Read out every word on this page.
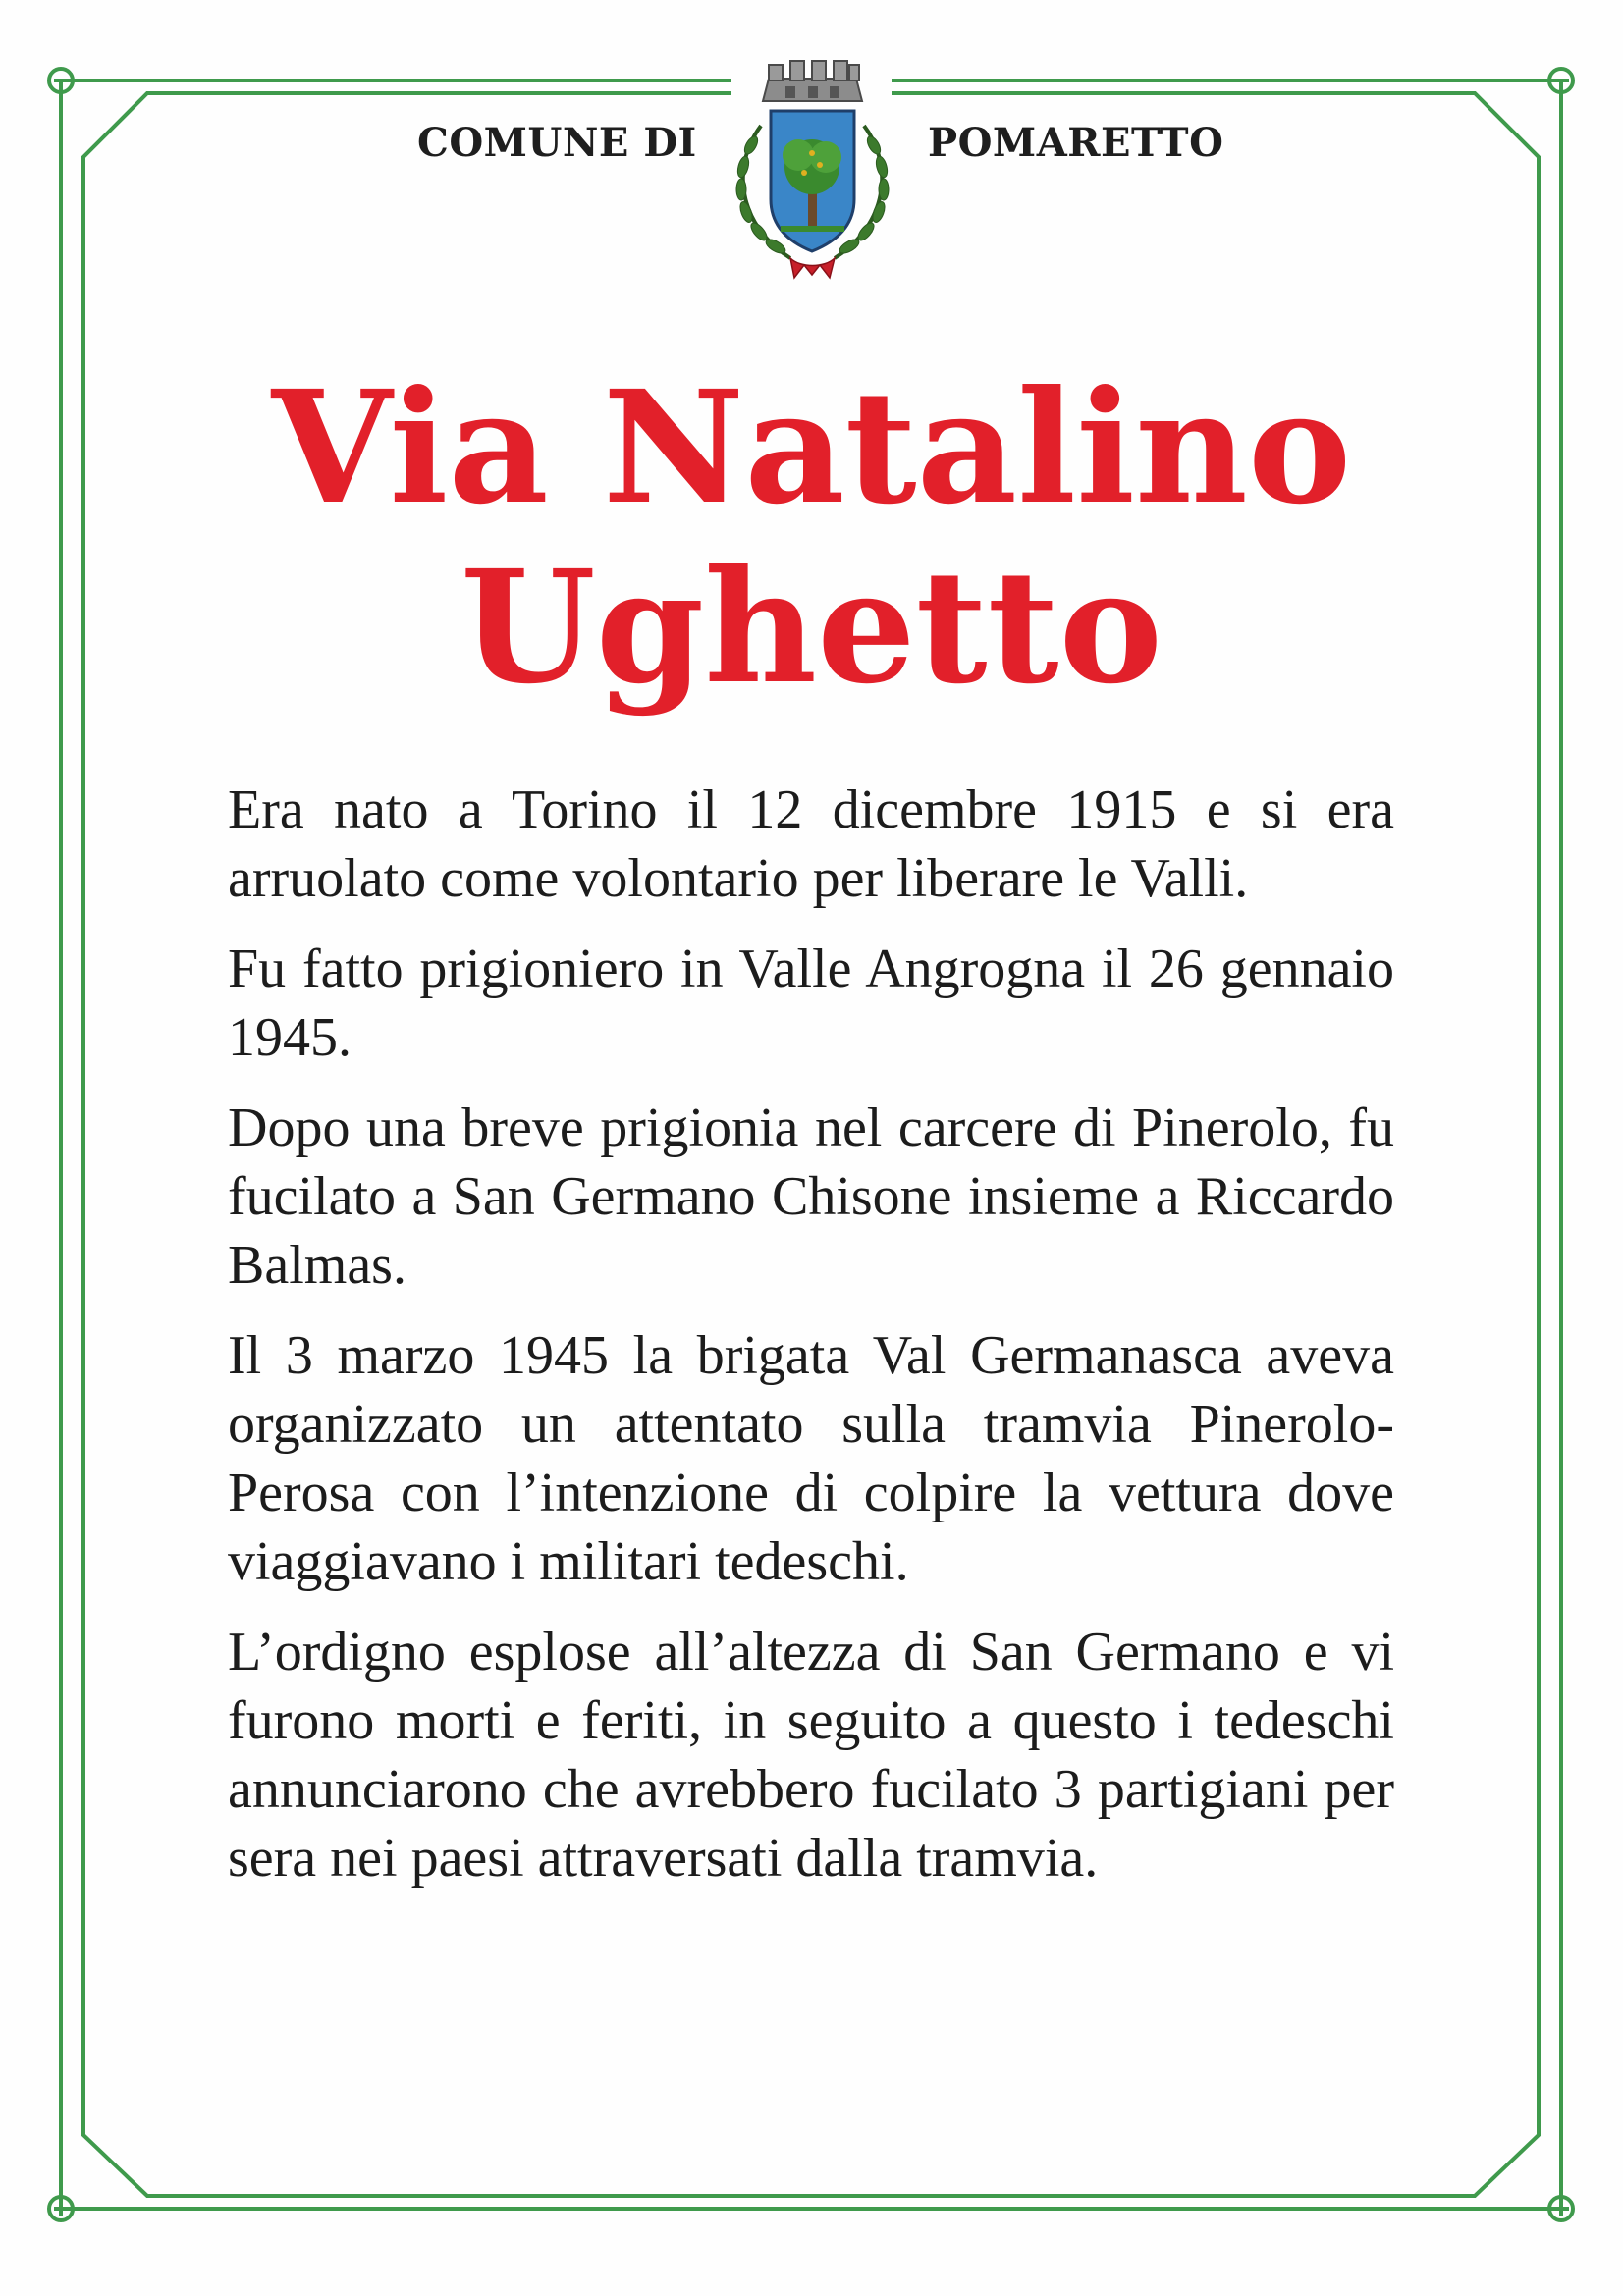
COMUNE DI	POMARETTO
Via Natalino
Ughetto

Era nato a Torino il 12 dicembre 1915 e si era arruolato come volontario per liberare le Valli.

Fu fatto prigioniero in Valle Angrogna il 26 gennaio 1945.

Dopo una breve prigionia nel carcere di Pinerolo, fu fucilato a San Germano Chisone insieme a Riccardo Balmas.

Il 3 marzo 1945 la brigata Val Germanasca aveva organizzato un attentato sulla tramvia Pinerolo-Perosa con l’intenzione di colpire la vettura dove viaggiavano i militari tedeschi.

L’ordigno esplose all’altezza di San Germano e vi furono morti e feriti, in seguito a questo i tedeschi annunciarono che avrebbero fucilato 3 partigiani per sera nei paesi attraversati dalla tramvia.
